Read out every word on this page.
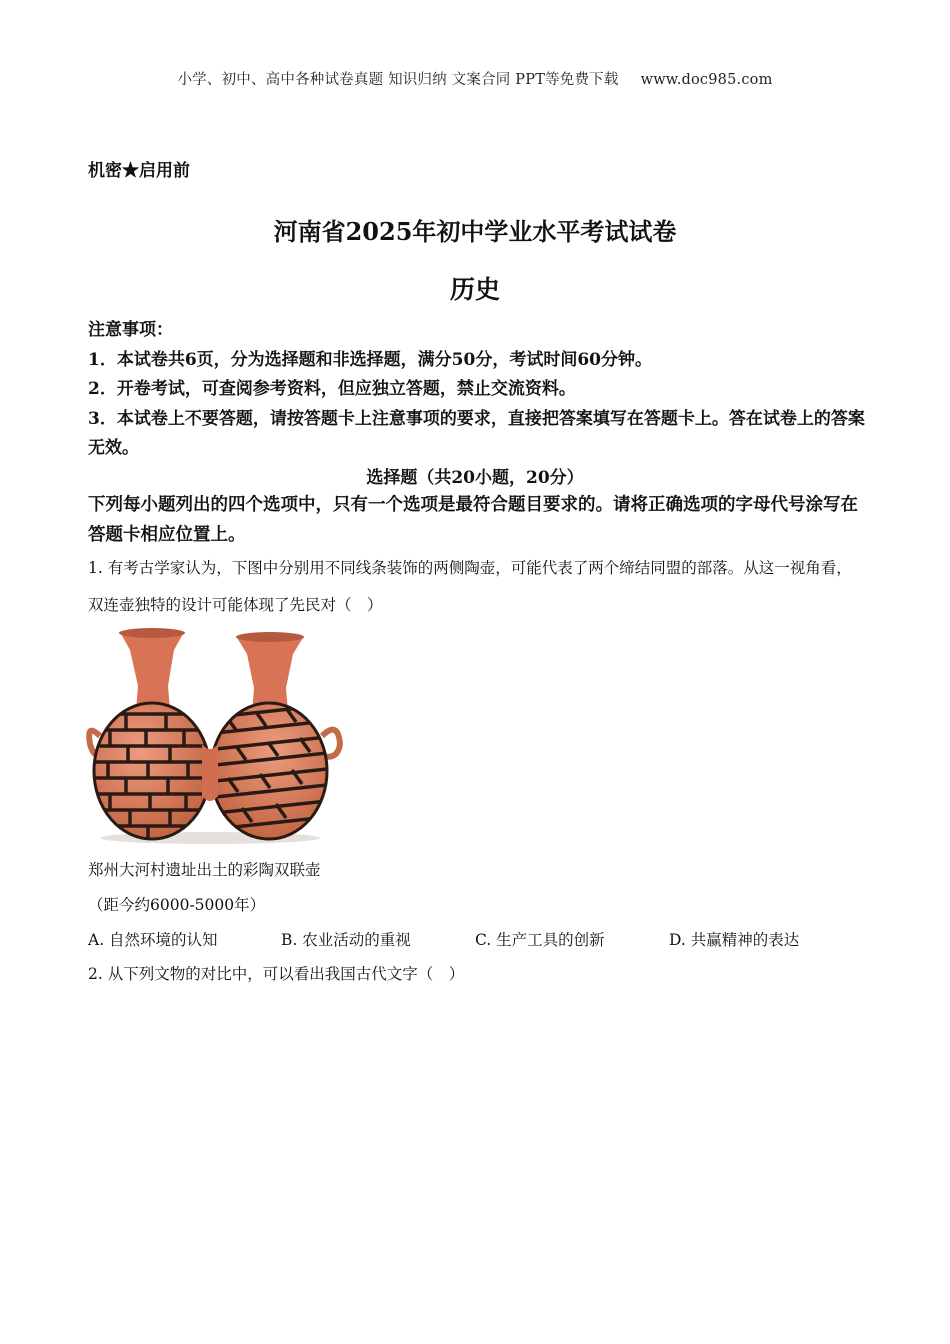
小学、初中、高中各种试卷真题 知识归纳 文案合同 PPT等免费下载 www.doc985.com
机密★启用前
河南省2025年初中学业水平考试试卷
历史

注意事项：

1．本试卷共6页，分为选择题和非选择题，满分50分，考试时间60分钟。

2．开卷考试，可查阅参考资料，但应独立答题，禁止交流资料。

3．本试卷上不要答题，请按答题卡上注意事项的要求，直接把答案填写在答题卡上。答在试卷上的答案无效。

选择题（共20小题，20分）
下列每小题列出的四个选项中，只有一个选项是最符合题目要求的。请将正确选项的字母代号涂写在答题卡相应位置上。
1. 有考古学家认为，下图中分别用不同线条装饰的两侧陶壶，可能代表了两个缔结同盟的部落。从这一视角看，双连壶独特的设计可能体现了先民对（　）
郑州大河村遗址出土的彩陶双联壶
（距今约6000-5000年）
A. 自然环境的认知	B. 农业活动的重视	C. 生产工具的创新	D. 共赢精神的表达
2. 从下列文物的对比中，可以看出我国古代文字（　）
